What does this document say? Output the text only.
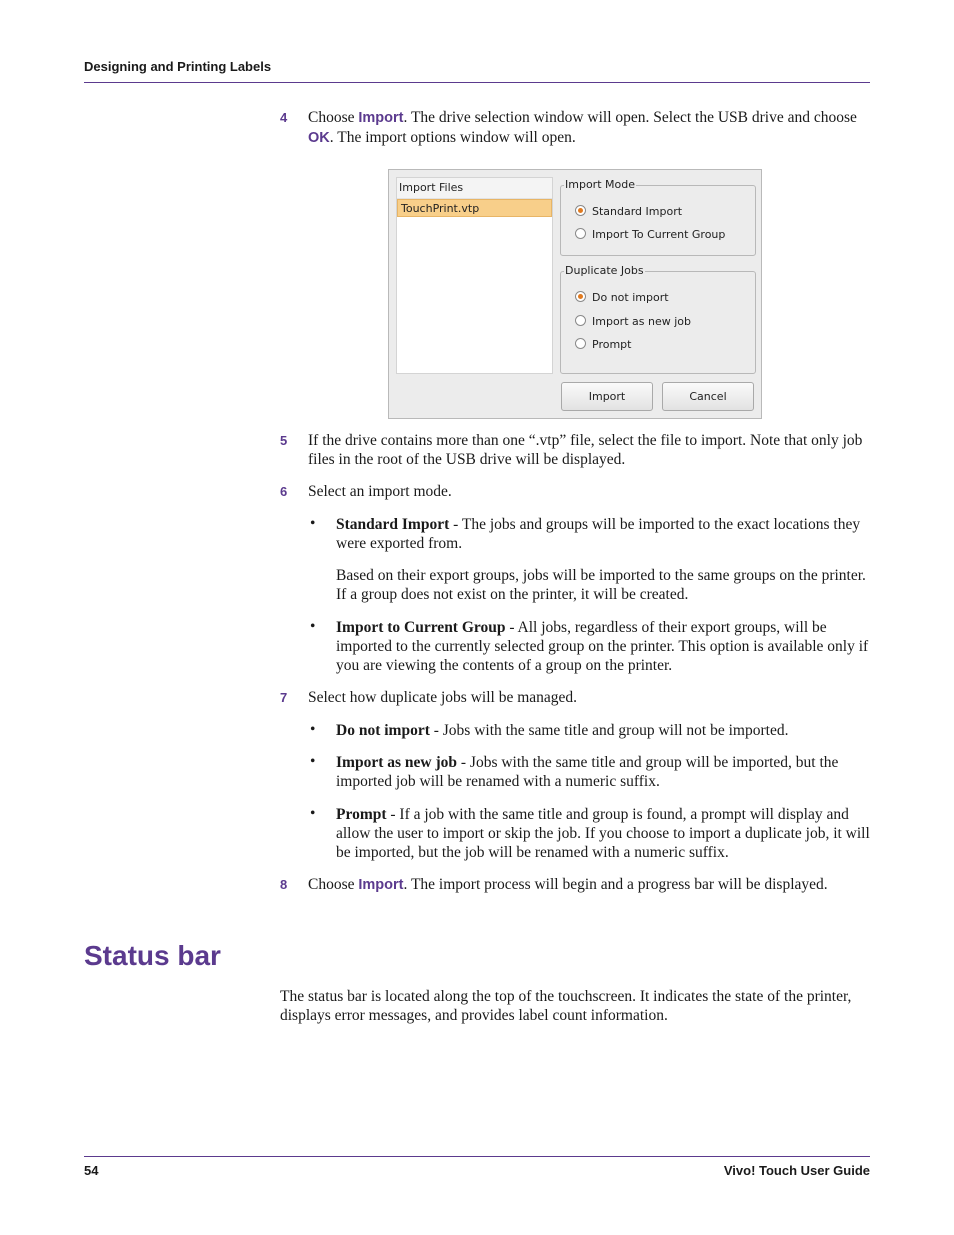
Designing and Printing Labels
4 Choose Import. The drive selection window will open. Select the USB drive and choose OK. The import options window will open.
Import Files
TouchPrint.vtp
Import Mode
Standard Import
Import To Current Group
Duplicate Jobs
Do not import
Import as new job
Prompt
Import	Cancel
5 If the drive contains more than one “.vtp” file, select the file to import. Note that only job files in the root of the USB drive will be displayed.
6 Select an import mode.
• Standard Import - The jobs and groups will be imported to the exact locations they were exported from.
Based on their export groups, jobs will be imported to the same groups on the printer. If a group does not exist on the printer, it will be created.
• Import to Current Group - All jobs, regardless of their export groups, will be imported to the currently selected group on the printer. This option is available only if you are viewing the contents of a group on the printer.
7 Select how duplicate jobs will be managed.
• Do not import - Jobs with the same title and group will not be imported.
• Import as new job - Jobs with the same title and group will be imported, but the imported job will be renamed with a numeric suffix.
• Prompt - If a job with the same title and group is found, a prompt will display and allow the user to import or skip the job. If you choose to import a duplicate job, it will be imported, but the job will be renamed with a numeric suffix.
8 Choose Import. The import process will begin and a progress bar will be displayed.
Status bar
The status bar is located along the top of the touchscreen. It indicates the state of the printer, displays error messages, and provides label count information.
54	Vivo! Touch User Guide
